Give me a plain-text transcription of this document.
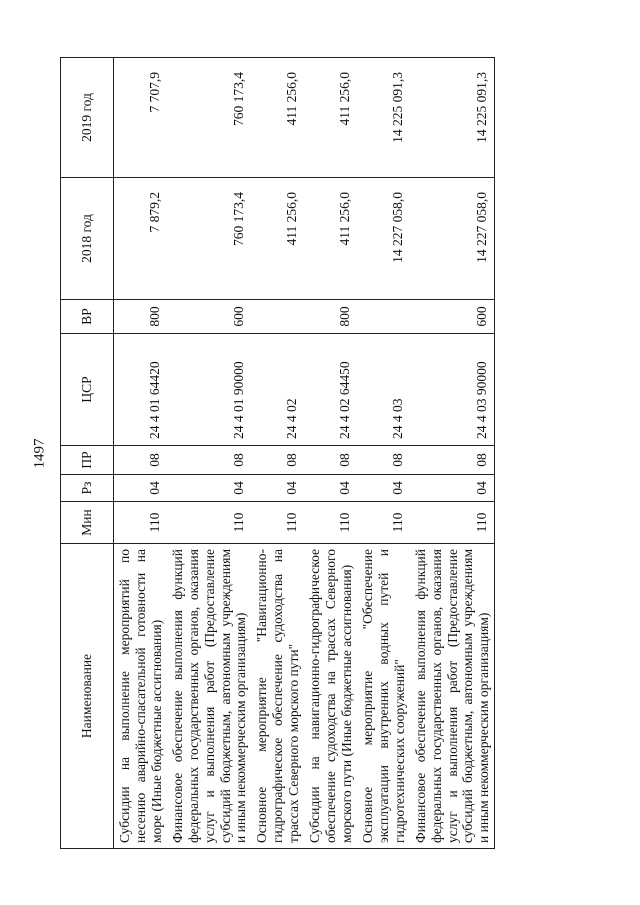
1497
Наименование	Мин	Рз	ПР	ЦСР	ВР	2018 год	2019 год
Субсидии на выполнение мероприятий по несению аварийно-спасательной готовности на море (Иные бюджетные ассигнования)	110	04	08	24 4 01 64420	800	7 879,2	7 707,9
Финансовое обеспечение выполнения функций федеральных государственных органов, оказания услуг и выполнения работ (Предоставление субсидий бюджетным, автономным учреждениям и иным некоммерческим организациям)	110	04	08	24 4 01 90000	600	760 173,4	760 173,4
Основное мероприятие "Навигационно-гидрографическое обеспечение судоходства на трассах Северного морского пути"	110	04	08	24 4 02		411 256,0	411 256,0
Субсидии на навигационно-гидрографическое обеспечение судоходства на трассах Северного морского пути (Иные бюджетные ассигнования)	110	04	08	24 4 02 64450	800	411 256,0	411 256,0
Основное мероприятие "Обеспечение эксплуатации внутренних водных путей и гидротехнических сооружений"	110	04	08	24 4 03		14 227 058,0	14 225 091,3
Финансовое обеспечение выполнения функций федеральных государственных органов, оказания услуг и выполнения работ (Предоставление субсидий бюджетным, автономным учреждениям и иным некоммерческим организациям)	110	04	08	24 4 03 90000	600	14 227 058,0	14 225 091,3
